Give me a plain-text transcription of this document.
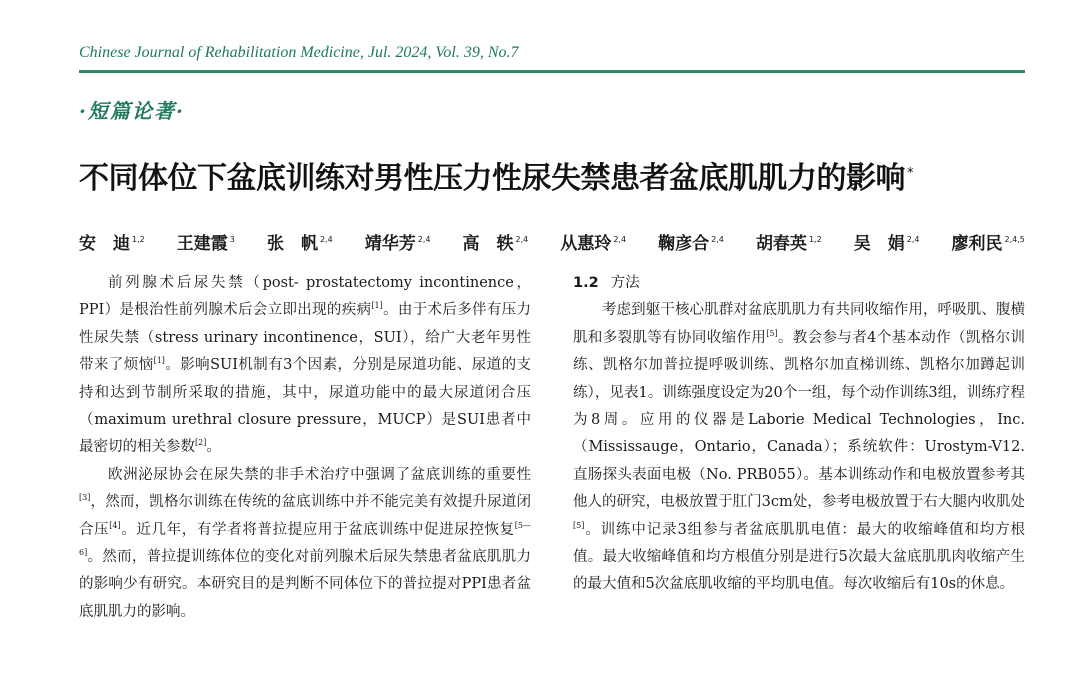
Chinese Journal of Rehabilitation Medicine, Jul. 2024, Vol. 39, No.7
·短篇论著·
不同体位下盆底训练对男性压力性尿失禁患者盆底肌肌力的影响 *
安　迪 $^{1,2}$ 王建霞 $^3$ 张　帆 $^{2,4}$ 靖华芳 $^{2,4}$ 高　轶 $^{2,4}$ 从惠玲 $^{2,4}$ 鞠彦合 $^{2,4}$ 胡春英 $^{1,2}$ 吴　娟 $^{2,4}$ 廖利民 $^{2,4,5}$

前列腺术后尿失禁（post- prostatectomy incontinence，PPI）是根治性前列腺术后会立即出现的疾病[1]。由于术后多伴有压力性尿失禁（stress urinary incontinence，SUI），给广大老年男性带来了烦恼[1]。影响SUI机制有3个因素，分别是尿道功能、尿道的支持和达到节制所采取的措施，其中，尿道功能中的最大尿道闭合压（maximum urethral closure pressure，MUCP）是SUI患者中最密切的相关参数[2]。

欧洲泌尿协会在尿失禁的非手术治疗中强调了盆底训练的重要性[3]，然而，凯格尔训练在传统的盆底训练中并不能完美有效提升尿道闭合压[4]。近几年，有学者将普拉提应用于盆底训练中促进尿控恢复[5—6]。然而，普拉提训练体位的变化对前列腺术后尿失禁患者盆底肌肌力的影响少有研究。本研究目的是判断不同体位下的普拉提对PPI患者盆底肌肌力的影响。

1.2 方法

考虑到躯干核心肌群对盆底肌肌力有共同收缩作用，呼吸肌、腹横肌和多裂肌等有协同收缩作用[5]。教会参与者4个基本动作（凯格尔训练、凯格尔加普拉提呼吸训练、凯格尔加直梯训练、凯格尔加蹲起训练），见表1。训练强度设定为20个一组，每个动作训练3组，训练疗程为8周。应用的仪器是Laborie Medical Technologies，Inc.（Mississauge，Ontario，Canada）；系统软件：Urostym-V12. 直肠探头表面电极（No. PRB055）。基本训练动作和电极放置参考其他人的研究，电极放置于肛门3cm处，参考电极放置于右大腿内收肌处[5]。训练中记录3组参与者盆底肌肌电值：最大的收缩峰值和均方根值。最大收缩峰值和均方根值分别是进行5次最大盆底肌肌肉收缩产生的最大值和5次盆底肌收缩的平均肌电值。每次收缩后有10s的休息。
